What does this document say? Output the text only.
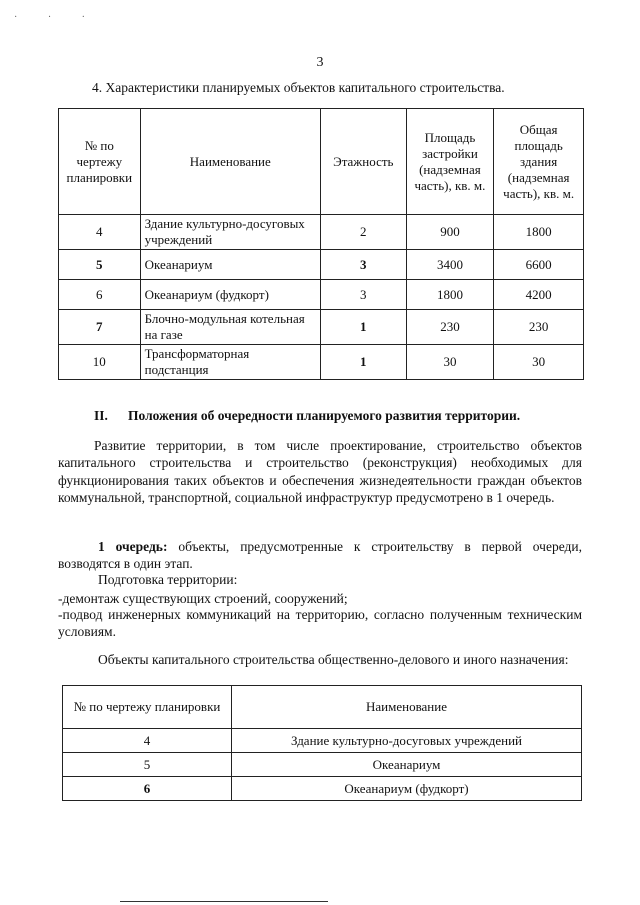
· · ·
3
4. Характеристики планируемых объектов капитального строительства.
№ по чертежу планировки	Наименование	Этажность	Площадь застройки (надземная часть), кв. м.	Общая площадь здания (надземная часть), кв. м.
4	Здание культурно-досуговых учреждений	2	900	1800
5	Океанариум	3	3400	6600
6	Океанариум (фудкорт)	3	1800	4200
7	Блочно-модульная котельная на газе	1	230	230
10	Трансформаторная подстанция	1	30	30
II. Положения об очередности планируемого развития территории.
Развитие территории, в том числе проектирование, строительство объектов капитального строительства и строительство (реконструкция) необходимых для функционирования таких объектов и обеспечения жизнедеятельности граждан объектов коммунальной, транспортной, социальной инфраструктур предусмотрено в 1 очередь.
1 очередь: объекты, предусмотренные к строительству в первой очереди, возводятся в один этап.
Подготовка территории:
-демонтаж существующих строений, сооружений;
-подвод инженерных коммуникаций на территорию, согласно полученным техническим условиям.
Объекты капитального строительства общественно-делового и иного назначения:
№ по чертежу планировки	Наименование
4	Здание культурно-досуговых учреждений
5	Океанариум
6	Океанариум (фудкорт)
